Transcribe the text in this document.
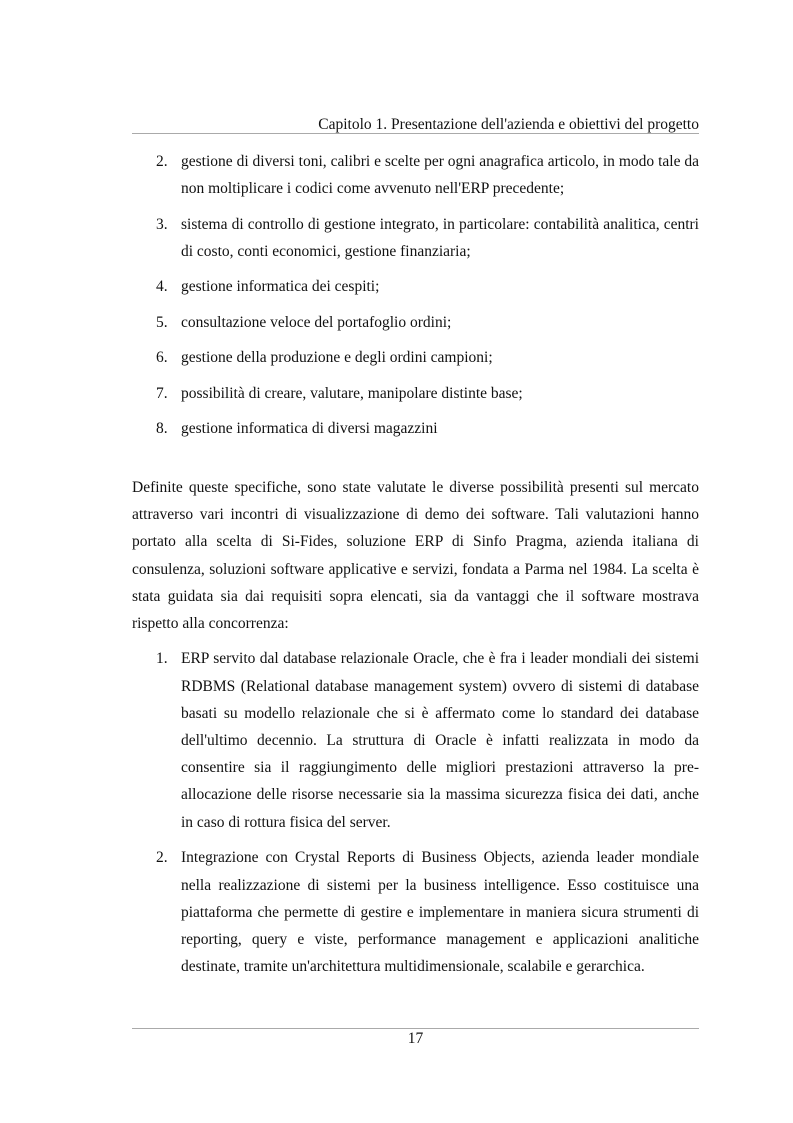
Capitolo 1. Presentazione dell'azienda e obiettivi del progetto
2. gestione di diversi toni, calibri e scelte per ogni anagrafica articolo, in modo tale da non moltiplicare i codici come avvenuto nell'ERP precedente;
3. sistema di controllo di gestione integrato, in particolare: contabilità analitica, centri di costo, conti economici, gestione finanziaria;
4. gestione informatica dei cespiti;
5. consultazione veloce del portafoglio ordini;
6. gestione della produzione e degli ordini campioni;
7. possibilità di creare, valutare, manipolare distinte base;
8. gestione informatica di diversi magazzini

Definite queste specifiche, sono state valutate le diverse possibilità presenti sul mercato attraverso vari incontri di visualizzazione di demo dei software. Tali valutazioni hanno portato alla scelta di Si-Fides, soluzione ERP di Sinfo Pragma, azienda italiana di consulenza, soluzioni software applicative e servizi, fondata a Parma nel 1984. La scelta è stata guidata sia dai requisiti sopra elencati, sia da vantaggi che il software mostrava rispetto alla concorrenza:

1. ERP servito dal database relazionale Oracle, che è fra i leader mondiali dei sistemi RDBMS (Relational database management system) ovvero di sistemi di database basati su modello relazionale che si è affermato come lo standard dei database dell'ultimo decennio. La struttura di Oracle è infatti realizzata in modo da consentire sia il raggiungimento delle migliori prestazioni attraverso la pre-allocazione delle risorse necessarie sia la massima sicurezza fisica dei dati, anche in caso di rottura fisica del server.
2. Integrazione con Crystal Reports di Business Objects, azienda leader mondiale nella realizzazione di sistemi per la business intelligence. Esso costituisce una piattaforma che permette di gestire e implementare in maniera sicura strumenti di reporting, query e viste, performance management e applicazioni analitiche destinate, tramite un'architettura multidimensionale, scalabile e gerarchica.
17
